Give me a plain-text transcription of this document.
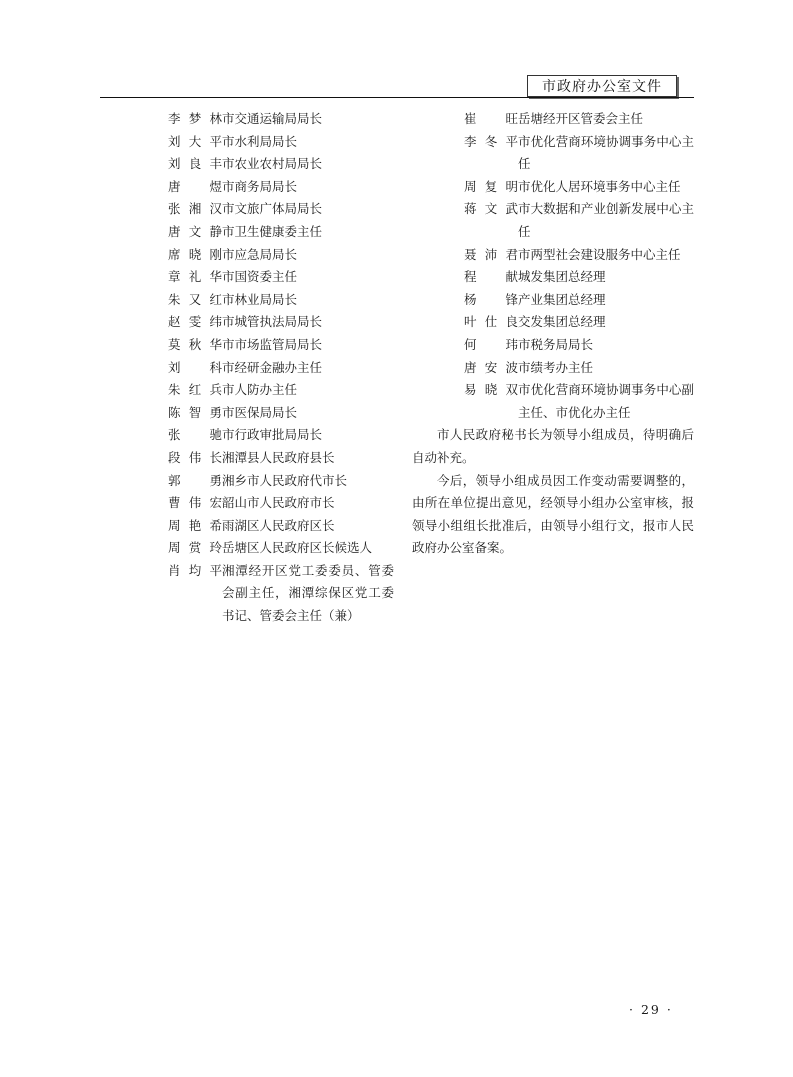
市政府办公室文件
李梦林 市交通运输局局长
刘大平 市水利局局长
刘良丰 市农业农村局局长
唐　煜 市商务局局长
张湘汉 市文旅广体局局长
唐文静 市卫生健康委主任
席晓刚 市应急局局长
章礼华 市国资委主任
朱又红 市林业局局长
赵雯纬 市城管执法局局长
莫秋华 市市场监管局局长
刘　科 市经研金融办主任
朱红兵 市人防办主任
陈智勇 市医保局局长
张　驰 市行政审批局局长
段伟长 湘潭县人民政府县长
郭　勇 湘乡市人民政府代市长
曹伟宏 韶山市人民政府市长
周艳希 雨湖区人民政府区长
周赏玲 岳塘区人民政府区长候选人
肖均平 湘潭经开区党工委委员、管委会副主任，湘潭综保区党工委书记、管委会主任（兼）
崔　旺 岳塘经开区管委会主任
李冬平 市优化营商环境协调事务中心主任
周复明 市优化人居环境事务中心主任
蒋文武 市大数据和产业创新发展中心主任
聂沛君 市两型社会建设服务中心主任
程　献 城发集团总经理
杨　锋 产业集团总经理
叶仕良 交发集团总经理
何　玮 市税务局局长
唐安波 市绩考办主任
易晓双 市优化营商环境协调事务中心副主任、市优化办主任

市人民政府秘书长为领导小组成员，待明确后自动补充。

今后，领导小组成员因工作变动需要调整的，由所在单位提出意见，经领导小组办公室审核，报领导小组组长批准后，由领导小组行文，报市人民政府办公室备案。

· 29 ·
